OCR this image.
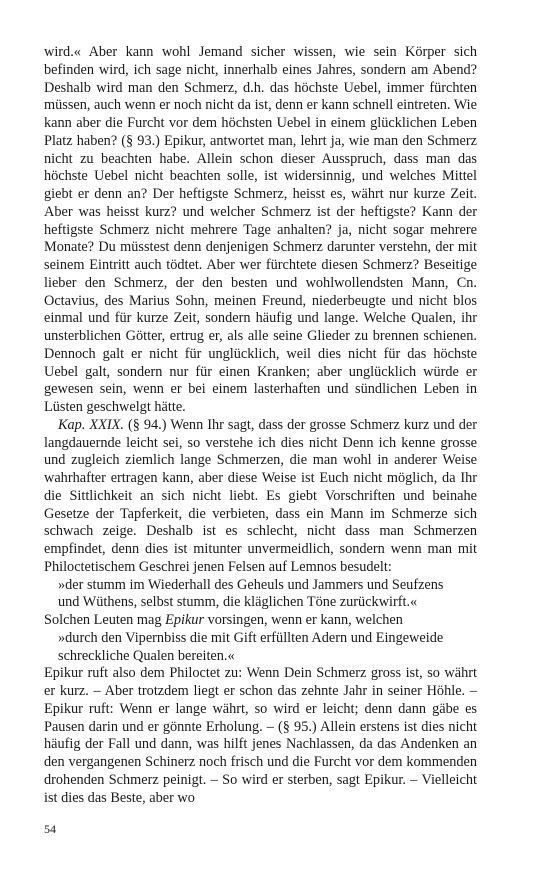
wird.« Aber kann wohl Jemand sicher wissen, wie sein Körper sich befinden wird, ich sage nicht, innerhalb eines Jahres, sondern am Abend? Deshalb wird man den Schmerz, d.h. das höchste Uebel, immer fürchten müssen, auch wenn er noch nicht da ist, denn er kann schnell eintreten. Wie kann aber die Furcht vor dem höchsten Uebel in einem glücklichen Leben Platz haben? (§ 93.) Epikur, antwortet man, lehrt ja, wie man den Schmerz nicht zu beachten habe. Allein schon dieser Ausspruch, dass man das höchste Uebel nicht beachten solle, ist widersinnig, und welches Mittel giebt er denn an? Der heftigste Schmerz, heisst es, währt nur kurze Zeit. Aber was heisst kurz? und welcher Schmerz ist der heftigste? Kann der heftigste Schmerz nicht mehrere Tage anhalten? ja, nicht sogar mehrere Monate? Du müsstest denn denjenigen Schmerz darunter verstehn, der mit seinem Eintritt auch tödtet. Aber wer fürchtete diesen Schmerz? Beseitige lieber den Schmerz, der den besten und wohlwollendsten Mann, Cn. Octavius, des Marius Sohn, meinen Freund, niederbeugte und nicht blos einmal und für kurze Zeit, sondern häufig und lange. Welche Qualen, ihr unsterblichen Götter, ertrug er, als alle seine Glieder zu brennen schienen. Dennoch galt er nicht für unglücklich, weil dies nicht für das höchste Uebel galt, sondern nur für einen Kranken; aber unglücklich würde er gewesen sein, wenn er bei einem lasterhaften und sündlichen Leben in Lüsten geschwelgt hätte.

Kap. XXIX. (§ 94.) Wenn Ihr sagt, dass der grosse Schmerz kurz und der langdauernde leicht sei, so verstehe ich dies nicht Denn ich kenne grosse und zugleich ziemlich lange Schmerzen, die man wohl in anderer Weise wahrhafter ertragen kann, aber diese Weise ist Euch nicht möglich, da Ihr die Sittlichkeit an sich nicht liebt. Es giebt Vorschriften und beinahe Gesetze der Tapferkeit, die verbieten, dass ein Mann im Schmerze sich schwach zeige. Deshalb ist es schlecht, nicht dass man Schmerzen empfindet, denn dies ist mitunter unvermeidlich, sondern wenn man mit Philoctetischem Geschrei jenen Felsen auf Lemnos besudelt:

»der stumm im Wiederhall des Geheuls und Jammers und Seufzens

und Wüthens, selbst stumm, die kläglichen Töne zurückwirft.«

Solchen Leuten mag Epikur vorsingen, wenn er kann, welchen

»durch den Vipernbiss die mit Gift erfüllten Adern und Eingeweide

schreckliche Qualen bereiten.«

Epikur ruft also dem Philoctet zu: Wenn Dein Schmerz gross ist, so währt er kurz. – Aber trotzdem liegt er schon das zehnte Jahr in seiner Höhle. – Epikur ruft: Wenn er lange währt, so wird er leicht; denn dann gäbe es Pausen darin und er gönnte Erholung. – (§ 95.) Allein erstens ist dies nicht häufig der Fall und dann, was hilft jenes Nachlassen, da das Andenken an den vergangenen Schinerz noch frisch und die Furcht vor dem kommenden drohenden Schmerz peinigt. – So wird er sterben, sagt Epikur. – Vielleicht ist dies das Beste, aber wo

54
